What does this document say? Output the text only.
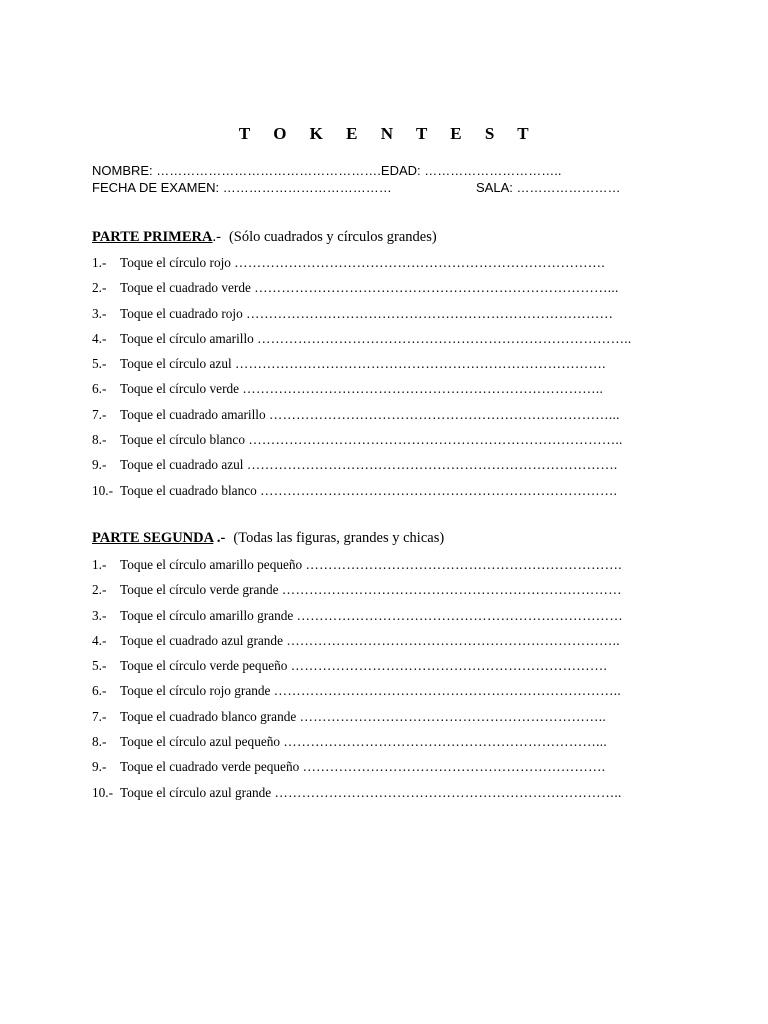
T O K E N T E S T
NOMBRE: …………………………………………….EDAD: …………………………..
FECHA DE EXAMEN: …………………………………	SALA: ……………………
PARTE PRIMERA.- (Sólo cuadrados y círculos grandes)
1.- Toque el círculo rojo ……………………………………………………………………….
2.- Toque el cuadrado verde ……………………………………………………………………...
3.- Toque el cuadrado rojo ………………………………………………………………………
4.- Toque el círculo amarillo ………………………………………………………………………..
5.- Toque el círculo azul ……………………………………………………………………….
6.- Toque el círculo verde ……………………………………………………………………..
7.- Toque el cuadrado amarillo …………………………………………………………………...
8.- Toque el círculo blanco ………………………………………………………………………..
9.- Toque el cuadrado azul ……………………………………………………………………….
10.- Toque el cuadrado blanco …………………………………………………………………….
PARTE SEGUNDA .- (Todas las figuras, grandes y chicas)
1.- Toque el círculo amarillo pequeño …………………………………………………………….
2.- Toque el círculo verde grande …………………………………………………………………
3.- Toque el círculo amarillo grande ………………………………………………………………
4.- Toque el cuadrado azul grande ………………………………………………………………..
5.- Toque el círculo verde pequeño …………………………………………………………….
6.- Toque el círculo rojo grande …………………………………………………………………..
7.- Toque el cuadrado blanco grande …………………………………………………………..
8.- Toque el círculo azul pequeño ……………………………………………………………...
9.- Toque el cuadrado verde pequeño ………………………………………………………….
10.- Toque el círculo azul grande …………………………………………………………………..
